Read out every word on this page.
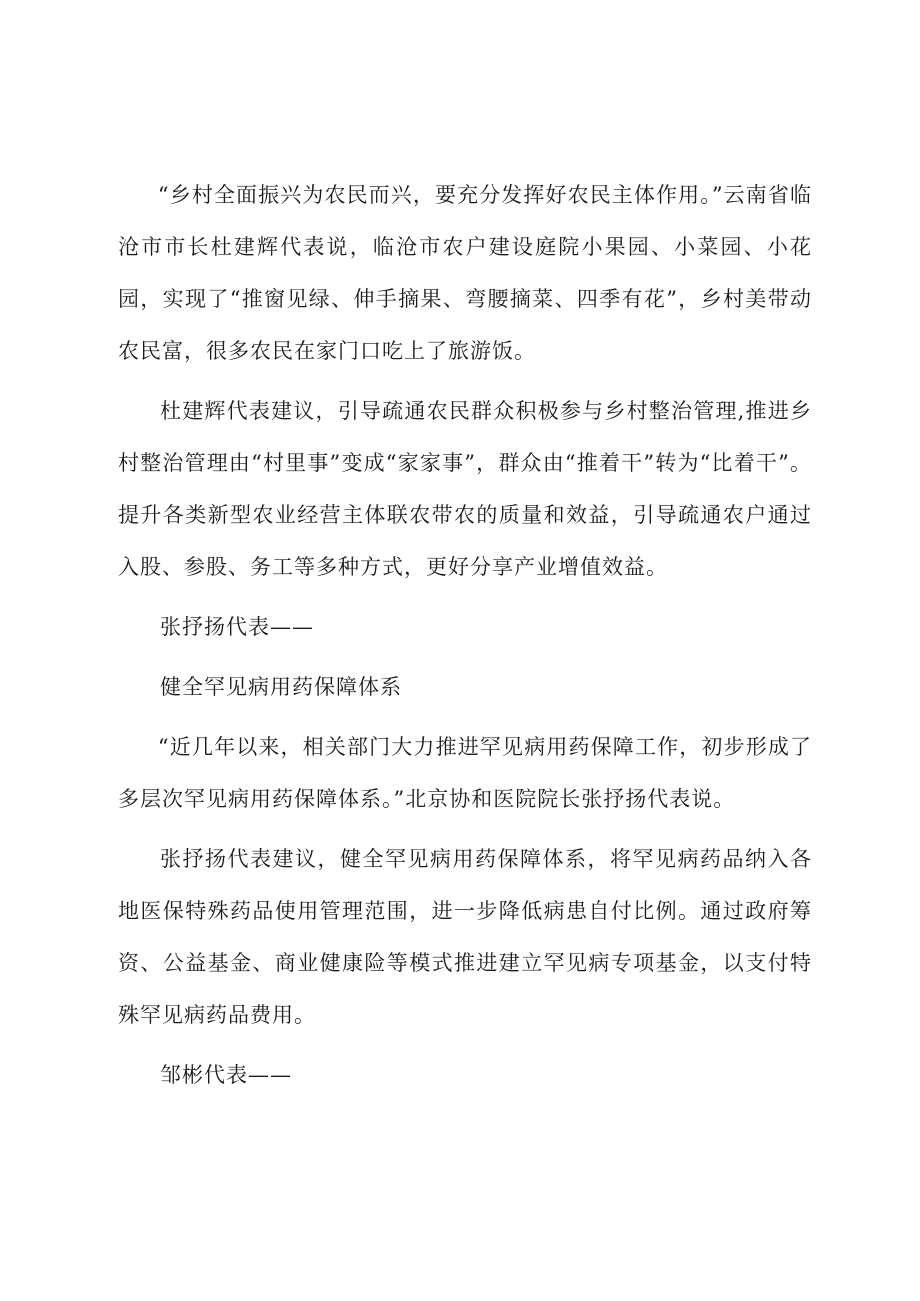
“乡村全面振兴为农民而兴，要充分发挥好农民主体作用。”云南省临沧市市长杜建辉代表说，临沧市农户建设庭院小果园、小菜园、小花园，实现了“推窗见绿、伸手摘果、弯腰摘菜、四季有花”，乡村美带动农民富，很多农民在家门口吃上了旅游饭。

杜建辉代表建议，引导疏通农民群众积极参与乡村整治管理,推进乡村整治管理由“村里事”变成“家家事”，群众由“推着干”转为“比着干”。提升各类新型农业经营主体联农带农的质量和效益，引导疏通农户通过入股、参股、务工等多种方式，更好分享产业增值效益。

张抒扬代表——

健全罕见病用药保障体系

“近几年以来，相关部门大力推进罕见病用药保障工作，初步形成了多层次罕见病用药保障体系。”北京协和医院院长张抒扬代表说。

张抒扬代表建议，健全罕见病用药保障体系，将罕见病药品纳入各地医保特殊药品使用管理范围，进一步降低病患自付比例。通过政府筹资、公益基金、商业健康险等模式推进建立罕见病专项基金，以支付特殊罕见病药品费用。

邹彬代表——
